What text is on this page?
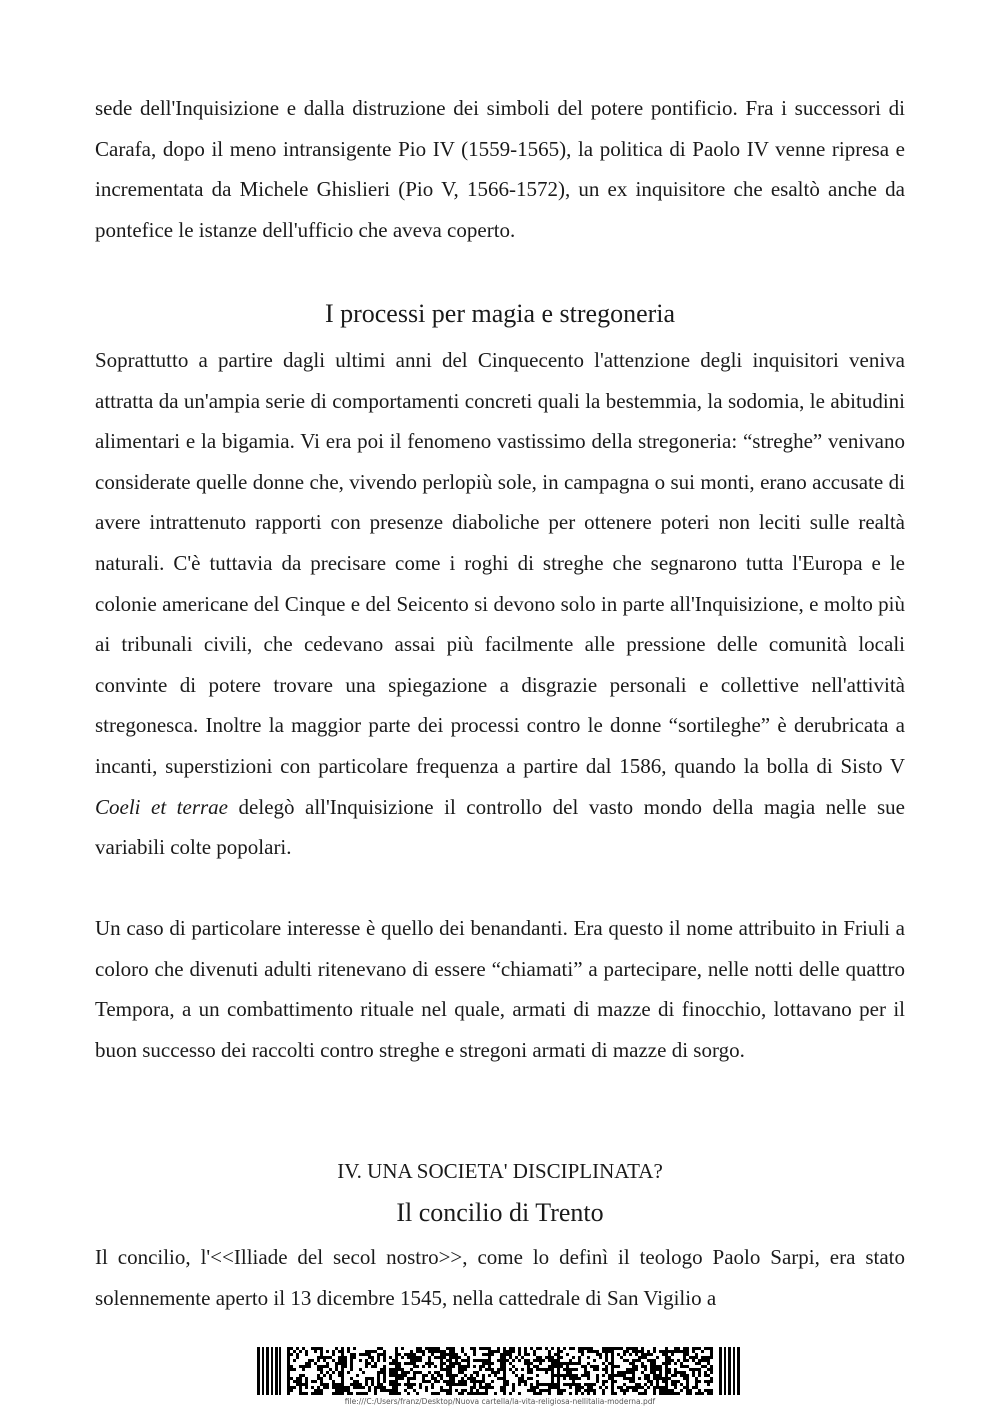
sede dell'Inquisizione e dalla distruzione dei simboli del potere pontificio. Fra i successori di Carafa, dopo il meno intransigente Pio IV (1559-1565), la politica di Paolo IV venne ripresa e incrementata da Michele Ghislieri (Pio V, 1566-1572), un ex inquisitore che esaltò anche da pontefice le istanze dell'ufficio che aveva coperto.

I processi per magia e stregoneria

Soprattutto a partire dagli ultimi anni del Cinquecento l'attenzione degli inquisitori veniva attratta da un'ampia serie di comportamenti concreti quali la bestemmia, la sodomia, le abitudini alimentari e la bigamia. Vi era poi il fenomeno vastissimo della stregoneria: “streghe” venivano considerate quelle donne che, vivendo perlopiù sole, in campagna o sui monti, erano accusate di avere intrattenuto rapporti con presenze diaboliche per ottenere poteri non leciti sulle realtà naturali. C'è tuttavia da precisare come i roghi di streghe che segnarono tutta l'Europa e le colonie americane del Cinque e del Seicento si devono solo in parte all'Inquisizione, e molto più ai tribunali civili, che cedevano assai più facilmente alle pressione delle comunità locali convinte di potere trovare una spiegazione a disgrazie personali e collettive nell'attività stregonesca. Inoltre la maggior parte dei processi contro le donne “sortileghe” è derubricata a incanti, superstizioni con particolare frequenza a partire dal 1586, quando la bolla di Sisto V Coeli et terrae delegò all'Inquisizione il controllo del vasto mondo della magia nelle sue variabili colte popolari.

Un caso di particolare interesse è quello dei benandanti. Era questo il nome attribuito in Friuli a coloro che divenuti adulti ritenevano di essere “chiamati” a partecipare, nelle notti delle quattro Tempora, a un combattimento rituale nel quale, armati di mazze di finocchio, lottavano per il buon successo dei raccolti contro streghe e stregoni armati di mazze di sorgo.

IV. UNA SOCIETA' DISCIPLINATA?
Il concilio di Trento

Il concilio, l'<<Illiade del secol nostro>>, come lo definì il teologo Paolo Sarpi, era stato solennemente aperto il 13 dicembre 1545, nella cattedrale di San Vigilio a

file:///C:/Users/franz/Desktop/Nuova cartella/la-vita-religiosa-nellitalia-moderna.pdf
